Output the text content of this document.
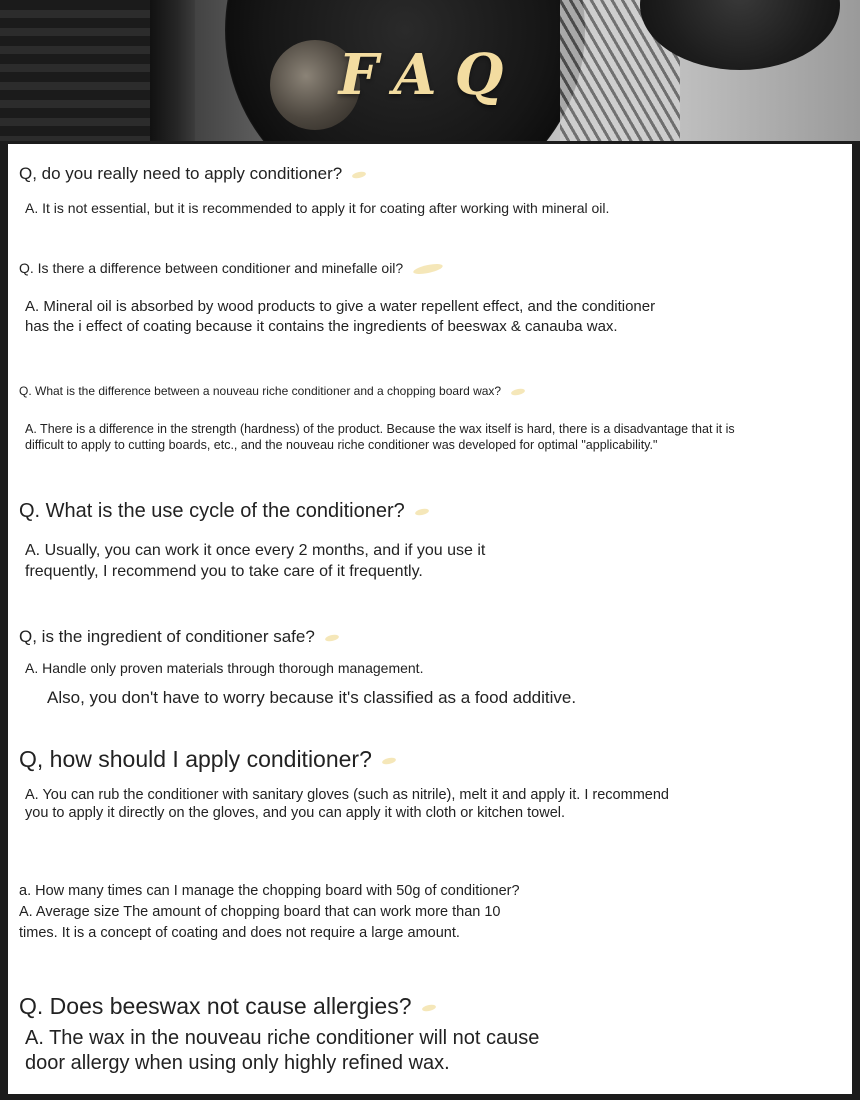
FAQ

Q, do you really need to apply conditioner?

A. It is not essential, but it is recommended to apply it for coating after working with mineral oil.

Q. Is there a difference between conditioner and minefalle oil?

A. Mineral oil is absorbed by wood products to give a water repellent effect, and the conditioner

has the i effect of coating because it contains the ingredients of beeswax & canauba wax.

Q. What is the difference between a nouveau riche conditioner and a chopping board wax?

A. There is a difference in the strength (hardness) of the product. Because the wax itself is hard, there is a disadvantage that it is

difficult to apply to cutting boards, etc., and the nouveau riche conditioner was developed for optimal "applicability."

Q. What is the use cycle of the conditioner?

A. Usually, you can work it once every 2 months, and if you use it

frequently, I recommend you to take care of it frequently.

Q, is the ingredient of conditioner safe?

A. Handle only proven materials through thorough management.

Also, you don't have to worry because it's classified as a food additive.

Q, how should I apply conditioner?

A. You can rub the conditioner with sanitary gloves (such as nitrile), melt it and apply it. I recommend

you to apply it directly on the gloves, and you can apply it with cloth or kitchen towel.

a. How many times can I manage the chopping board with 50g of conditioner?

A. Average size The amount of chopping board that can work more than 10

times. It is a concept of coating and does not require a large amount.

Q. Does beeswax not cause allergies?

A. The wax in the nouveau riche conditioner will not cause

door allergy when using only highly refined wax.
